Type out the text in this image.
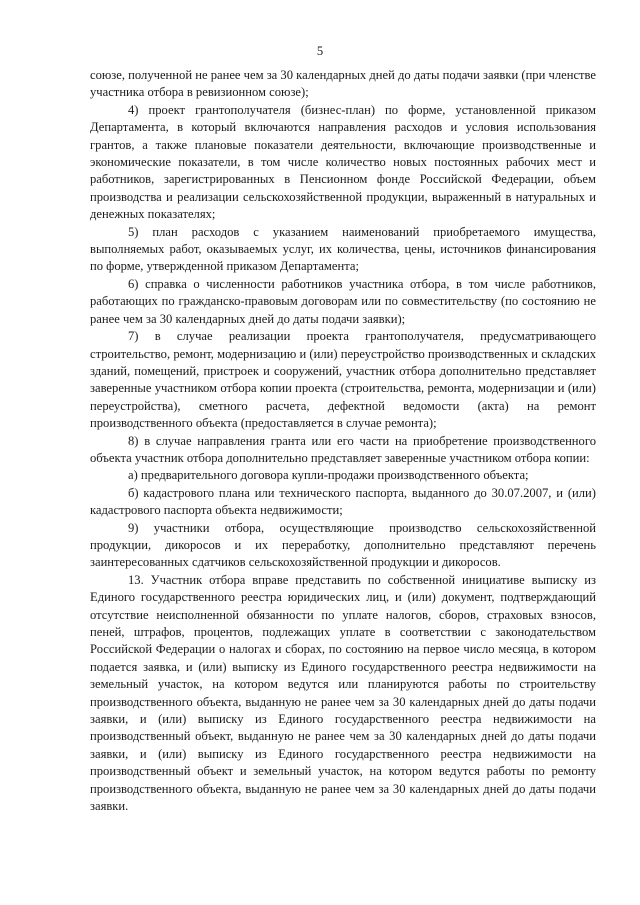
5

союзе, полученной не ранее чем за 30 календарных дней до даты подачи заявки (при членстве участника отбора в ревизионном союзе);

4) проект грантополучателя (бизнес-план) по форме, установленной приказом Департамента, в который включаются направления расходов и условия использования грантов, а также плановые показатели деятельности, включающие производственные и экономические показатели, в том числе количество новых постоянных рабочих мест и работников, зарегистрированных в Пенсионном фонде Российской Федерации, объем производства и реализации сельскохозяйственной продукции, выраженный в натуральных и денежных показателях;

5) план расходов с указанием наименований приобретаемого имущества, выполняемых работ, оказываемых услуг, их количества, цены, источников финансирования по форме, утвержденной приказом Департамента;

6) справка о численности работников участника отбора, в том числе работников, работающих по гражданско-правовым договорам или по совместительству (по состоянию не ранее чем за 30 календарных дней до даты подачи заявки);

7) в случае реализации проекта грантополучателя, предусматривающего строительство, ремонт, модернизацию и (или) переустройство производственных и складских зданий, помещений, пристроек и сооружений, участник отбора дополнительно представляет заверенные участником отбора копии проекта (строительства, ремонта, модернизации и (или) переустройства), сметного расчета, дефектной ведомости (акта) на ремонт производственного объекта (предоставляется в случае ремонта);

8) в случае направления гранта или его части на приобретение производственного объекта участник отбора дополнительно представляет заверенные участником отбора копии:

а) предварительного договора купли-продажи производственного объекта;

б) кадастрового плана или технического паспорта, выданного до 30.07.2007, и (или) кадастрового паспорта объекта недвижимости;

9) участники отбора, осуществляющие производство сельскохозяйственной продукции, дикоросов и их переработку, дополнительно представляют перечень заинтересованных сдатчиков сельскохозяйственной продукции и дикоросов.

13. Участник отбора вправе представить по собственной инициативе выписку из Единого государственного реестра юридических лиц, и (или) документ, подтверждающий отсутствие неисполненной обязанности по уплате налогов, сборов, страховых взносов, пеней, штрафов, процентов, подлежащих уплате в соответствии с законодательством Российской Федерации о налогах и сборах, по состоянию на первое число месяца, в котором подается заявка, и (или) выписку из Единого государственного реестра недвижимости на земельный участок, на котором ведутся или планируются работы по строительству производственного объекта, выданную не ранее чем за 30 календарных дней до даты подачи заявки, и (или) выписку из Единого государственного реестра недвижимости на производственный объект, выданную не ранее чем за 30 календарных дней до даты подачи заявки, и (или) выписку из Единого государственного реестра недвижимости на производственный объект и земельный участок, на котором ведутся работы по ремонту производственного объекта, выданную не ранее чем за 30 календарных дней до даты подачи заявки.
